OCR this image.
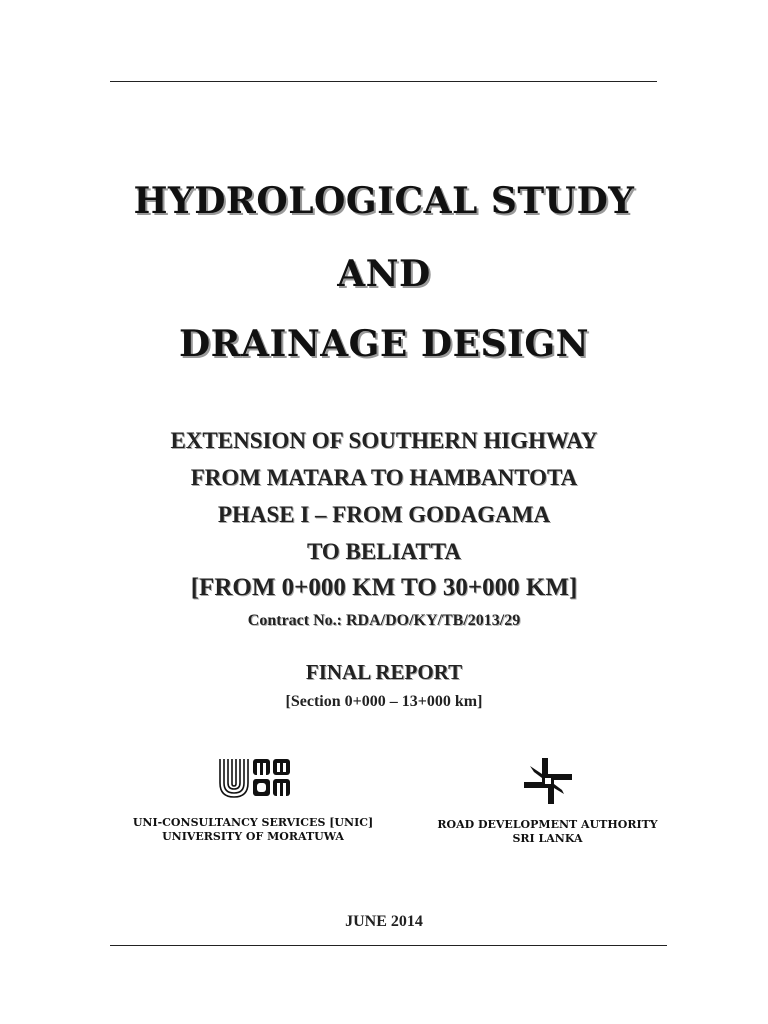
HYDROLOGICAL STUDY
AND
DRAINAGE DESIGN
EXTENSION OF SOUTHERN HIGHWAY
FROM MATARA TO HAMBANTOTA
PHASE I – FROM GODAGAMA
TO BELIATTA
[FROM 0+000 KM TO 30+000 KM]
Contract No.: RDA/DO/KY/TB/2013/29
FINAL REPORT
[Section 0+000 – 13+000 km]
UNI-CONSULTANCY SERVICES [UNIC]
UNIVERSITY OF MORATUWA
ROAD DEVELOPMENT AUTHORITY
SRI LANKA
JUNE 2014
